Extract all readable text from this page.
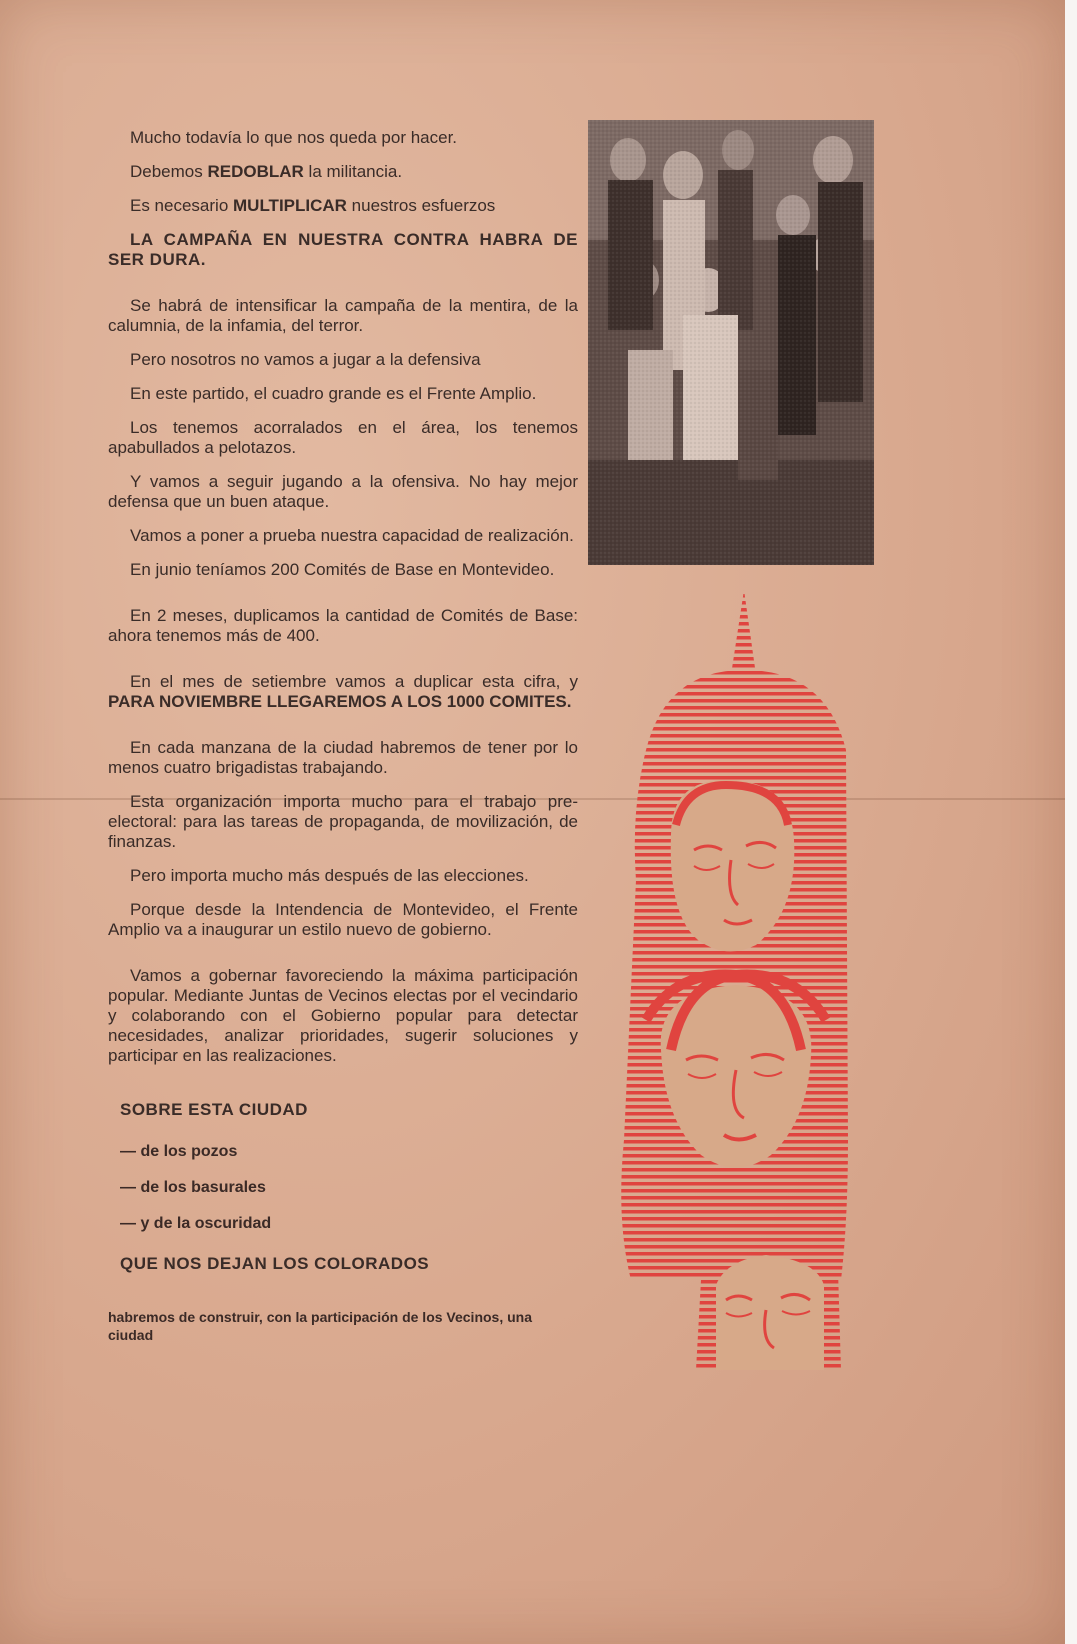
Mucho todavía lo que nos queda por hacer.

Debemos REDOBLAR la militancia.

Es necesario MULTIPLICAR nuestros esfuerzos

LA CAMPAÑA EN NUESTRA CONTRA HABRA DE SER DURA.

Se habrá de intensificar la campaña de la mentira, de la calumnia, de la infamia, del terror.

Pero nosotros no vamos a jugar a la defensiva

En este partido, el cuadro grande es el Frente Amplio.

Los tenemos acorralados en el área, los tenemos apabullados a pelotazos.

Y vamos a seguir jugando a la ofensiva. No hay mejor defensa que un buen ataque.

Vamos a poner a prueba nuestra capacidad de realización.

En junio teníamos 200 Comités de Base en Montevideo.

En 2 meses, duplicamos la cantidad de Comités de Base: ahora tenemos más de 400.

En el mes de setiembre vamos a duplicar esta cifra, y PARA NOVIEMBRE LLEGAREMOS A LOS 1000 COMITES.

En cada manzana de la ciudad habremos de tener por lo menos cuatro brigadistas trabajando.

Esta organización importa mucho para el trabajo pre-electoral: para las tareas de propaganda, de movilización, de finanzas.

Pero importa mucho más después de las elecciones.

Porque desde la Intendencia de Montevideo, el Frente Amplio va a inaugurar un estilo nuevo de gobierno.

Vamos a gobernar favoreciendo la máxima participación popular. Mediante Juntas de Vecinos electas por el vecindario y colaborando con el Gobierno popular para detectar necesidades, analizar prioridades, sugerir soluciones y participar en las realizaciones.

SOBRE ESTA CIUDAD
— de los pozos
— de los basurales
— y de la oscuridad
QUE NOS DEJAN LOS COLORADOS
habremos de construir, con la participación de los Vecinos, una ciudad
